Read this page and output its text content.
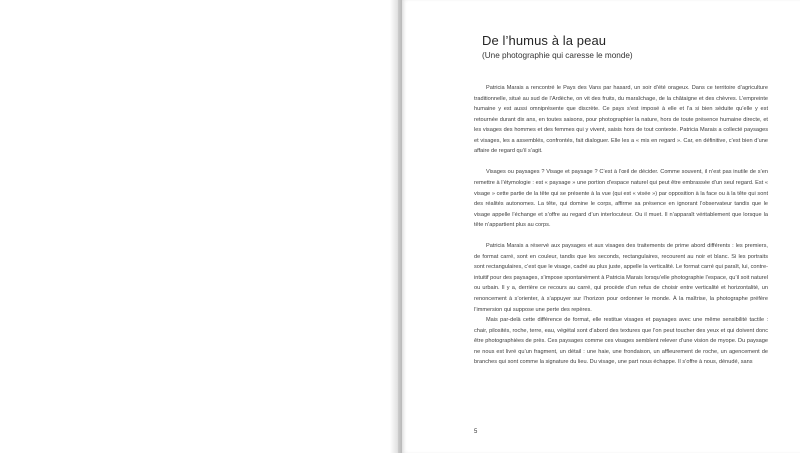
De l’humus à la peau
(Une photographie qui caresse le monde)

Patricia Marais a rencontré le Pays des Vans par hasard, un soir d’été orageux. Dans ce territoire d’agriculture traditionnelle, situé au sud de l’Ardèche, on vit des fruits, du maraîchage, de la châtaigne et des chèvres. L’empreinte humaine y est aussi omniprésente que discrète. Ce pays s’est imposé à elle et l’a si bien séduite qu’elle y est retournée durant dix ans, en toutes saisons, pour photographier la nature, hors de toute présence humaine directe, et les visages des hommes et des femmes qui y vivent, saisis hors de tout contexte. Patricia Marais a collecté paysages et visages, les a assemblés, confrontés, fait dialoguer. Elle les a « mis en regard ». Car, en définitive, c’est bien d’une affaire de regard qu’il s’agit.

Visages ou paysages ? Visage et paysage ? C’est à l’œil de décider. Comme souvent, il n’est pas inutile de s’en remettre à l’étymologie : est « paysage » une portion d’espace naturel qui peut être embrassée d’un seul regard. Est « visage » cette partie de la tête qui se présente à la vue (qui est « visée ») par opposition à la face ou à la tête qui sont des réalités autonomes. La tête, qui domine le corps, affirme sa présence en ignorant l’observateur tandis que le visage appelle l’échange et s’offre au regard d’un interlocuteur. Ou il muet. Il n’apparaît véritablement que lorsque la tête n’appartient plus au corps.

Patricia Marais a réservé aux paysages et aux visages des traitements de prime abord différents : les premiers, de format carré, sont en couleur, tandis que les seconds, rectangulaires, recourent au noir et blanc. Si les portraits sont rectangulaires, c’est que le visage, cadré au plus juste, appelle la verticalité. Le format carré qui paraît, lui, contre-intuitif pour des paysages, s’impose spontanément à Patricia Marais lorsqu’elle photographie l’espace, qu’il soit naturel ou urbain. Il y a, derrière ce recours au carré, qui procède d’un refus de choisir entre verticalité et horizontalité, un renoncement à s’orienter, à s’appuyer sur l’horizon pour ordonner le monde. À la maîtrise, la photographe préfère l’immersion qui suppose une perte des repères.

Mais par-delà cette différence de format, elle restitue visages et paysages avec une même sensibilité tactile : chair, pilosités, roche, terre, eau, végétal sont d’abord des textures que l’on peut toucher des yeux et qui doivent donc être photographiées de près. Ces paysages comme ces visages semblent relever d’une vision de myope. Du paysage ne nous est livré qu’un fragment, un détail : une haie, une frondaison, un affleurement de roche, un agencement de branches qui sont comme la signature du lieu. Du visage, une part nous échappe. Il s’offre à nous, dénudé, sans

5
